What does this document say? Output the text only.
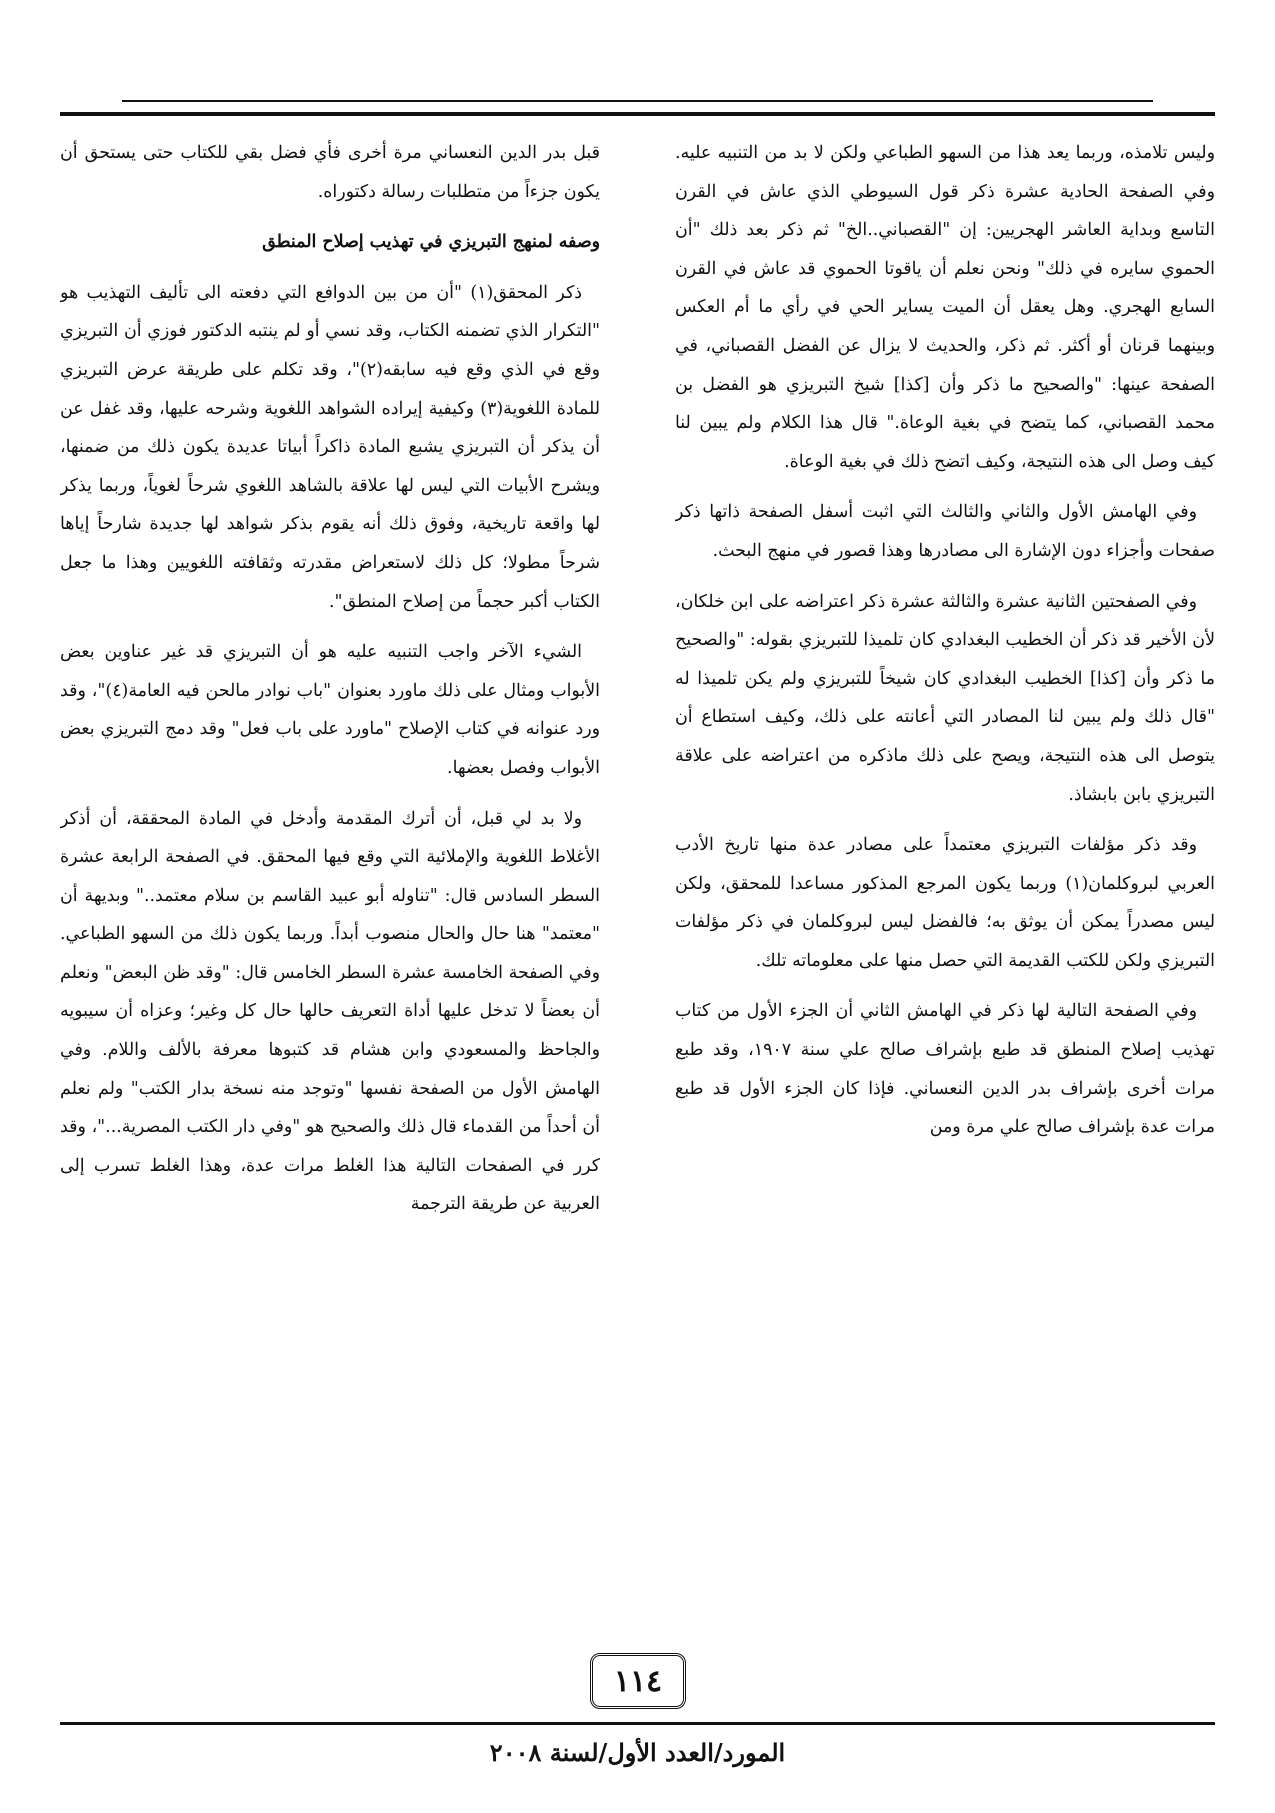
وليس تلامذه، وربما يعد هذا من السهو الطباعي ولكن لا بد من التنبيه عليه. وفي الصفحة الحادية عشرة ذكر قول السيوطي الذي عاش في القرن التاسع وبداية العاشر الهجريين: إن "القصباني..الخ" ثم ذكر بعد ذلك "أن الحموي سايره في ذلك" ونحن نعلم أن ياقوتا الحموي قد عاش في القرن السابع الهجري. وهل يعقل أن الميت يساير الحي في رأي ما أم العكس وبينهما قرنان أو أكثر. ثم ذكر، والحديث لا يزال عن الفضل القصباني، في الصفحة عينها: "والصحيح ما ذكر وأن [كذا] شيخ التبريزي هو الفضل بن محمد القصباني، كما يتضح في بغية الوعاة." قال هذا الكلام ولم يبين لنا كيف وصل الى هذه النتيجة، وكيف اتضح ذلك في بغية الوعاة.

وفي الهامش الأول والثاني والثالث التي اثبت أسفل الصفحة ذاتها ذكر صفحات وأجزاء دون الإشارة الى مصادرها وهذا قصور في منهج البحث.

وفي الصفحتين الثانية عشرة والثالثة عشرة ذكر اعتراضه على ابن خلكان، لأن الأخير قد ذكر أن الخطيب البغدادي كان تلميذا للتبريزي بقوله: "والصحيح ما ذكر وأن [كذا] الخطيب البغدادي كان شيخاً للتبريزي ولم يكن تلميذا له "قال ذلك ولم يبين لنا المصادر التي أعانته على ذلك، وكيف استطاع أن يتوصل الى هذه النتيجة، ويصح على ذلك ماذكره من اعتراضه على علاقة التبريزي بابن بابشاذ.

وقد ذكر مؤلفات التبريزي معتمداً على مصادر عدة منها تاريخ الأدب العربي لبروكلمان(١) وربما يكون المرجع المذكور مساعدا للمحقق، ولكن ليس مصدراً يمكن أن يوثق به؛ فالفضل ليس لبروكلمان في ذكر مؤلفات التبريزي ولكن للكتب القديمة التي حصل منها على معلوماته تلك.

وفي الصفحة التالية لها ذكر في الهامش الثاني أن الجزء الأول من كتاب تهذيب إصلاح المنطق قد طبع بإشراف صالح علي سنة ١٩٠٧، وقد طبع مرات أخرى بإشراف بدر الدين النعساني. فإذا كان الجزء الأول قد طبع مرات عدة بإشراف صالح علي مرة ومن

قبل بدر الدين النعساني مرة أخرى فأي فضل بقي للكتاب حتى يستحق أن يكون جزءاً من متطلبات رسالة دكتوراه.

وصفه لمنهج التبريزي في تهذيب إصلاح المنطق

ذكر المحقق(١) "أن من بين الدوافع التي دفعته الى تأليف التهذيب هو "التكرار الذي تضمنه الكتاب، وقد نسي أو لم ينتبه الدكتور فوزي أن التبريزي وقع في الذي وقع فيه سابقه(٢)"، وقد تكلم على طريقة عرض التبريزي للمادة اللغوية(٣) وكيفية إيراده الشواهد اللغوية وشرحه عليها، وقد غفل عن أن يذكر أن التبريزي يشبع المادة ذاكراً أبياتا عديدة يكون ذلك من ضمنها، ويشرح الأبيات التي ليس لها علاقة بالشاهد اللغوي شرحاً لغوياً، وربما يذكر لها واقعة تاريخية، وفوق ذلك أنه يقوم بذكر شواهد لها جديدة شارحاً إياها شرحاً مطولا؛ كل ذلك لاستعراض مقدرته وثقافته اللغويين وهذا ما جعل الكتاب أكبر حجماً من إصلاح المنطق".

الشيء الآخر واجب التنبيه عليه هو أن التبريزي قد غير عناوين بعض الأبواب ومثال على ذلك ماورد بعنوان "باب نوادر مالحن فيه العامة(٤)"، وقد ورد عنوانه في كتاب الإصلاح "ماورد على باب فعل" وقد دمج التبريزي بعض الأبواب وفصل بعضها.

ولا بد لي قبل، أن أترك المقدمة وأدخل في المادة المحققة، أن أذكر الأغلاط اللغوية والإملائية التي وقع فيها المحقق. في الصفحة الرابعة عشرة السطر السادس قال: "تناوله أبو عبيد القاسم بن سلام معتمد.." وبديهة أن "معتمد" هنا حال والحال منصوب أبداً. وربما يكون ذلك من السهو الطباعي. وفي الصفحة الخامسة عشرة السطر الخامس قال: "وقد ظن البعض" ونعلم أن بعضاً لا تدخل عليها أداة التعريف حالها حال كل وغير؛ وعزاه أن سيبويه والجاحظ والمسعودي وابن هشام قد كتبوها معرفة بالألف واللام. وفي الهامش الأول من الصفحة نفسها "وتوجد منه نسخة بدار الكتب" ولم نعلم أن أحداً من القدماء قال ذلك والصحيح هو "وفي دار الكتب المصرية..."، وقد كرر في الصفحات التالية هذا الغلط مرات عدة، وهذا الغلط تسرب إلى العربية عن طريقة الترجمة

١١٤
المورد/العدد الأول/لسنة ٢٠٠٨
